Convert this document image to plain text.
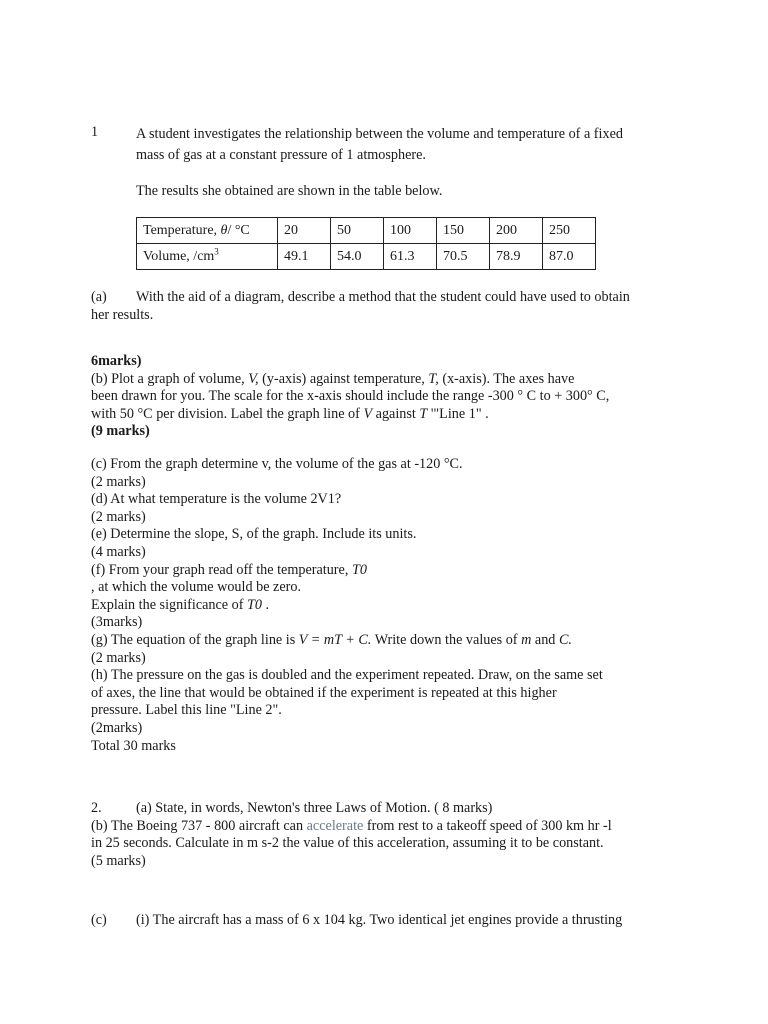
1	A student investigates the relationship between the volume and temperature of a fixed
mass of gas at a constant pressure of 1 atmosphere.

The results she obtained are shown in the table below.

Temperature, θ/ °C	20	50	100	150	200	250
Volume, $/cm^3$	49.1	54.0	61.3	70.5	78.9	87.0

(a) With the aid of a diagram, describe a method that the student could have used to obtain
her results.

6marks)
(b) Plot a graph of volume, V, (y-axis) against temperature, T, (x-axis). The axes have
been drawn for you. The scale for the x-axis should include the range -300 ° C to + 300° C,
with 50 °C per division. Label the graph line of V against T '"Line 1" .
(9 marks)
(c) From the graph determine v, the volume of the gas at -120 °C.
(2 marks)
(d) At what temperature is the volume 2V1?
(2 marks)
(e) Determine the slope, S, of the graph. Include its units.
(4 marks)
(f) From your graph read off the temperature, T0
, at which the volume would be zero.
Explain the significance of T0 .
(3marks)
(g) The equation of the graph line is V = mT + C. Write down the values of m and C.
(2 marks)
(h) The pressure on the gas is doubled and the experiment repeated. Draw, on the same set
of axes, the line that would be obtained if the experiment is repeated at this higher
pressure. Label this line "Line 2".
(2marks)
Total 30 marks
2. (a) State, in words, Newton's three Laws of Motion. ( 8 marks)
(b) The Boeing 737 - 800 aircraft can accelerate from rest to a takeoff speed of 300 km hr -l
in 25 seconds. Calculate in m s-2 the value of this acceleration, assuming it to be constant.
(5 marks)

(c) (i) The aircraft has a mass of 6 x 104 kg. Two identical jet engines provide a thrusting
